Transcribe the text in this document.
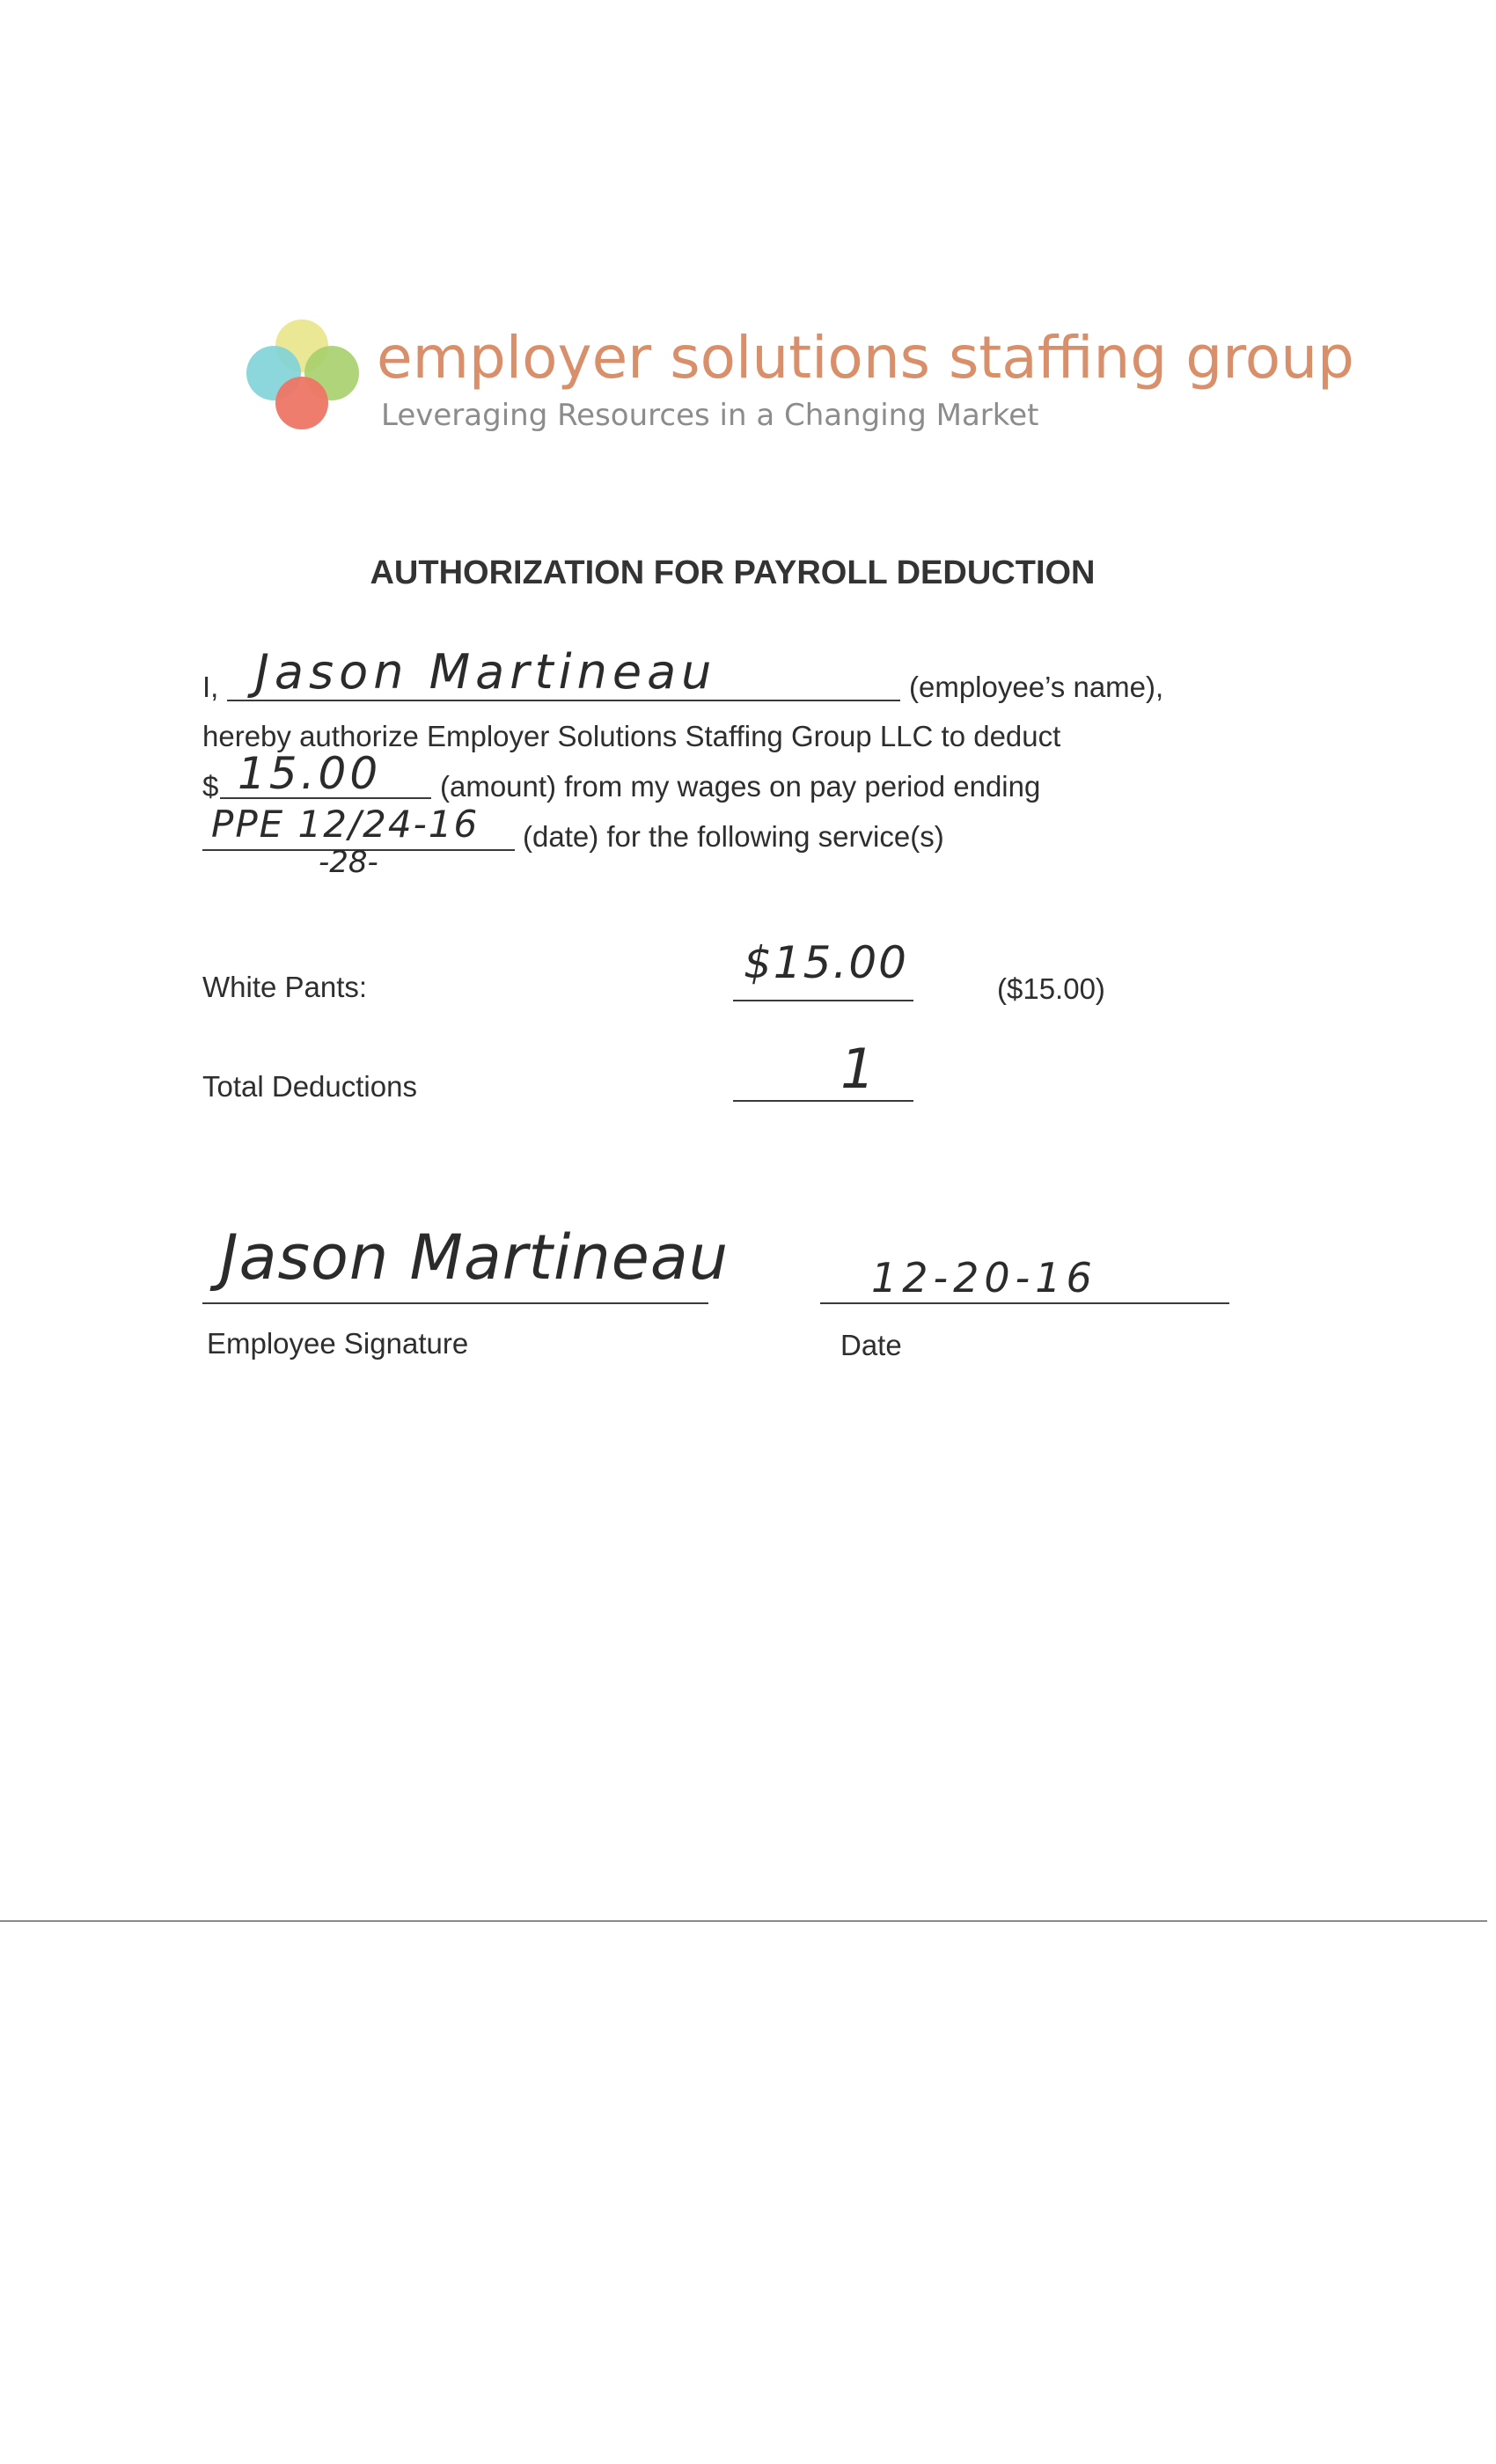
employer solutions staffing group
Leveraging Resources in a Changing Market
AUTHORIZATION FOR PAYROLL DEDUCTION
I, Jason Martineau	(employee’s name),
hereby authorize Employer Solutions Staffing Group LLC to deduct
$ 15.00 (amount) from my wages on pay period ending
PPE 12/24-16
-28-
(date) for the following service(s)
White Pants:	$15.00
($15.00)
Total Deductions	1
Jason Martineau
Employee Signature
12-20-16
Date
